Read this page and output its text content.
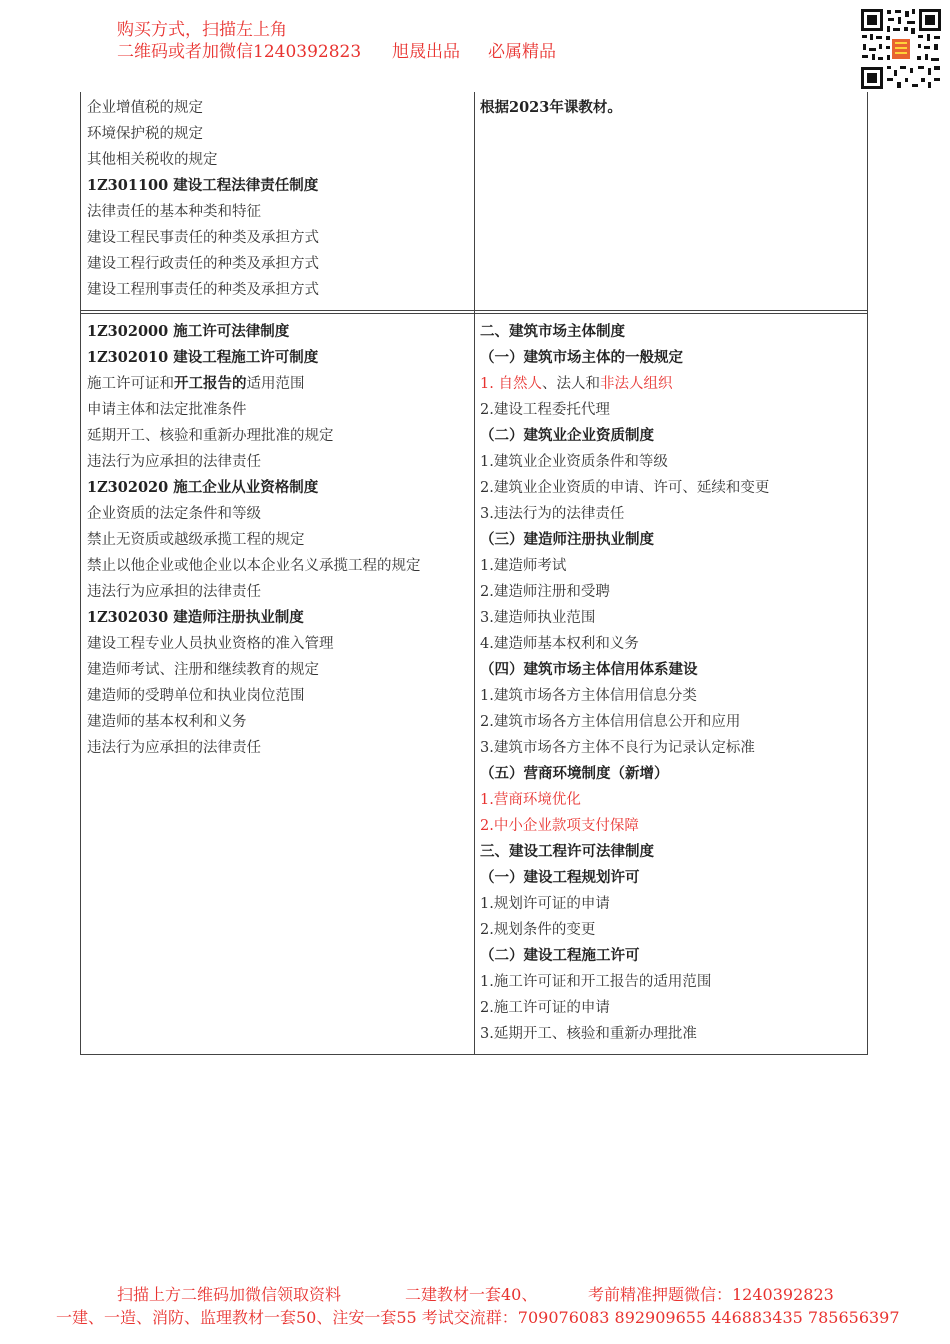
购买方式，扫描左上角
二维码或者加微信1240392823 旭晟出品 必属精品
企业增值税的规定
环境保护税的规定
其他相关税收的规定
1Z301100 建设工程法律责任制度
法律责任的基本种类和特征
建设工程民事责任的种类及承担方式
建设工程行政责任的种类及承担方式
建设工程刑事责任的种类及承担方式
根据2023年课教材。
1Z302000 施工许可法律制度
1Z302010 建设工程施工许可制度
施工许可证和开工报告的适用范围
申请主体和法定批准条件
延期开工、核验和重新办理批准的规定
违法行为应承担的法律责任
1Z302020 施工企业从业资格制度
企业资质的法定条件和等级
禁止无资质或越级承揽工程的规定
禁止以他企业或他企业以本企业名义承揽工程的规定
违法行为应承担的法律责任
1Z302030 建造师注册执业制度
建设工程专业人员执业资格的准入管理
建造师考试、注册和继续教育的规定
建造师的受聘单位和执业岗位范围
建造师的基本权利和义务
违法行为应承担的法律责任
二、建筑市场主体制度
（一）建筑市场主体的一般规定
1. 自然人、法人和非法人组织
2.建设工程委托代理
（二）建筑业企业资质制度
1.建筑业企业资质条件和等级
2.建筑业企业资质的申请、许可、延续和变更
3.违法行为的法律责任
（三）建造师注册执业制度
1.建造师考试
2.建造师注册和受聘
3.建造师执业范围
4.建造师基本权利和义务
（四）建筑市场主体信用体系建设
1.建筑市场各方主体信用信息分类
2.建筑市场各方主体信用信息公开和应用
3.建筑市场各方主体不良行为记录认定标准
（五）营商环境制度（新增）
1.营商环境优化
2.中小企业款项支付保障
三、建设工程许可法律制度
（一）建设工程规划许可
1.规划许可证的申请
2.规划条件的变更
（二）建设工程施工许可
1.施工许可证和开工报告的适用范围
2.施工许可证的申请
3.延期开工、核验和重新办理批准
扫描上方二维码加微信领取资料	二建教材一套40、	考前精准押题微信：1240392823
一建、一造、消防、监理教材一套50、注安一套55 考试交流群：709076083 892909655 446883435 785656397
